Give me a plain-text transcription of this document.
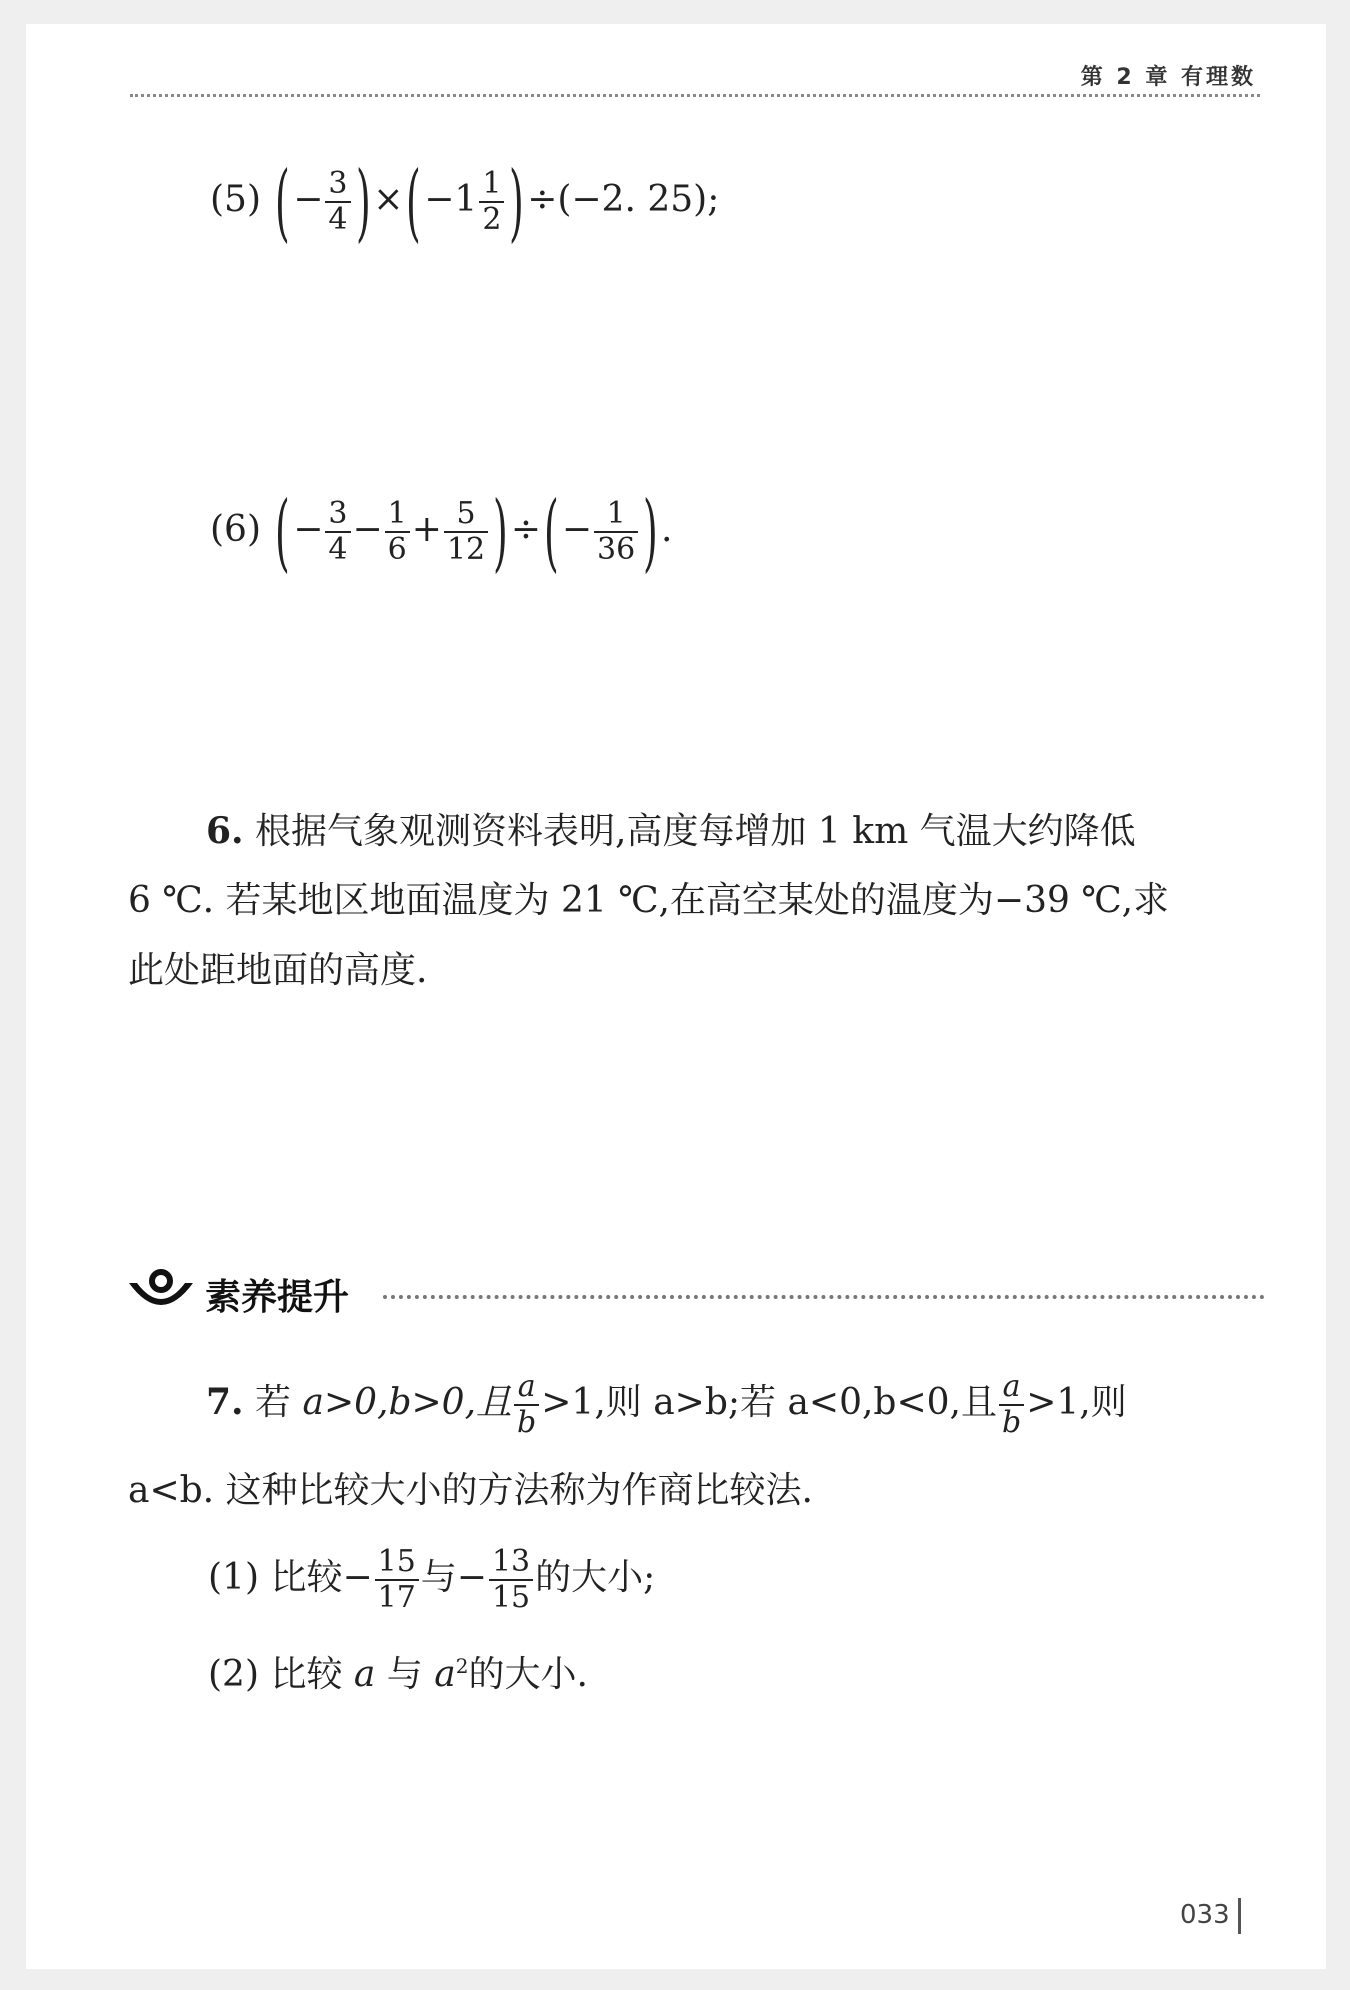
第 2 章 有理数
(5) (− $\frac{3}{4} )\times(-1 \frac{1}{2} )\div(-2$. 25);
(6) (− $\frac{3}{4} - \frac{1}{6} + \frac{5}{12}$ )÷(− $\frac{1}{36}$ ).
6. 根据气象观测资料表明,高度每增加 1 km 气温大约降低
6 ℃. 若某地区地面温度为 21 ℃,在高空某处的温度为−39 ℃,求
此处距地面的高度.
素养提升
7. 若 a>0,b>0,且 $\frac{a}{b} >1$,则 a>b;若 a<0,b<0,且 $\frac{a}{b} >1$,则
a<b. 这种比较大小的方法称为作商比较法.
(1) 比较− $\frac{15}{17}$ 与− $\frac{13}{15}$ 的大小;
(2) 比较 a 与 $a^2$的大小.
033
